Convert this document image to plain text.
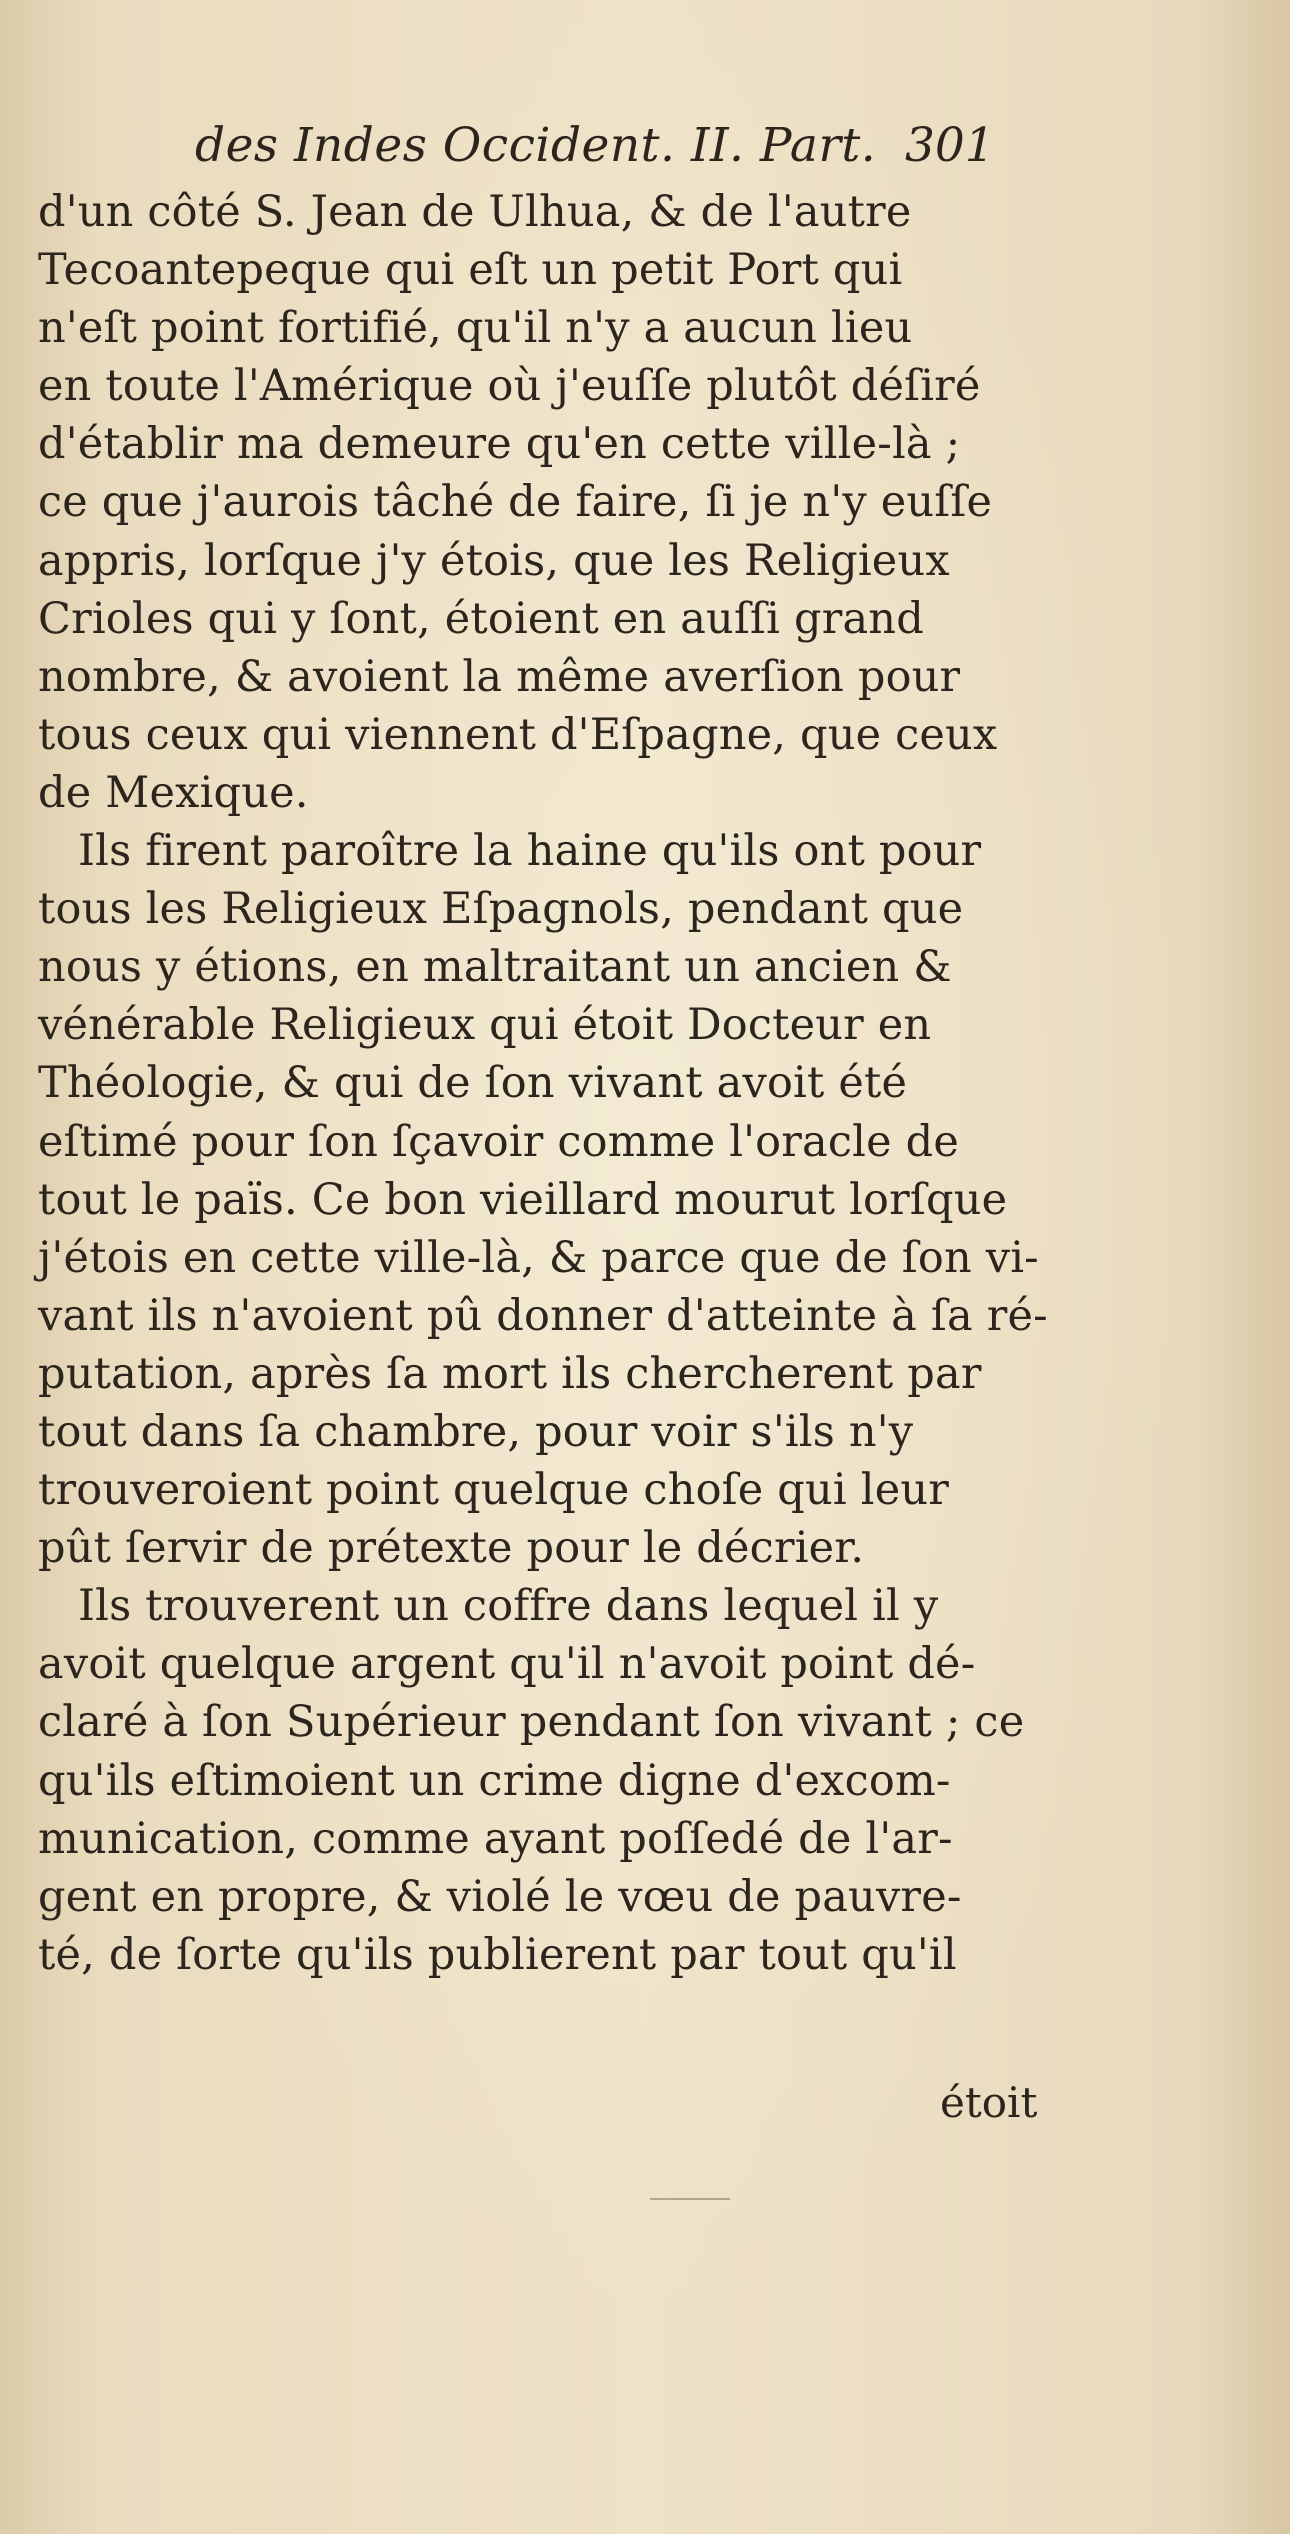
des Indes Occident. II. Part. 301
d'un côté S. Jean de Ulhua, & de l'autre
Tecoantepeque qui eſt un petit Port qui
n'eſt point fortifié, qu'il n'y a aucun lieu
en toute l'Amérique où j'euſſe plutôt déſiré
d'établir ma demeure qu'en cette ville-là ;
ce que j'aurois tâché de faire, ſi je n'y euſſe
appris, lorſque j'y étois, que les Religieux
Crioles qui y ſont, étoient en auſſi grand
nombre, & avoient la même averſion pour
tous ceux qui viennent d'Eſpagne, que ceux
de Mexique.
Ils firent paroître la haine qu'ils ont pour
tous les Religieux Eſpagnols, pendant que
nous y étions, en maltraitant un ancien &
vénérable Religieux qui étoit Docteur en
Théologie, & qui de ſon vivant avoit été
eſtimé pour ſon ſçavoir comme l'oracle de
tout le païs. Ce bon vieillard mourut lorſque
j'étois en cette ville-là, & parce que de ſon vi-
vant ils n'avoient pû donner d'atteinte à ſa ré-
putation, après ſa mort ils chercherent par
tout dans ſa chambre, pour voir s'ils n'y
trouveroient point quelque choſe qui leur
pût ſervir de prétexte pour le décrier.
Ils trouverent un coffre dans lequel il y
avoit quelque argent qu'il n'avoit point dé-
claré à ſon Supérieur pendant ſon vivant ; ce
qu'ils eſtimoient un crime digne d'excom-
munication, comme ayant poſſedé de l'ar-
gent en propre, & violé le vœu de pauvre-
té, de ſorte qu'ils publierent par tout qu'il
étoit
